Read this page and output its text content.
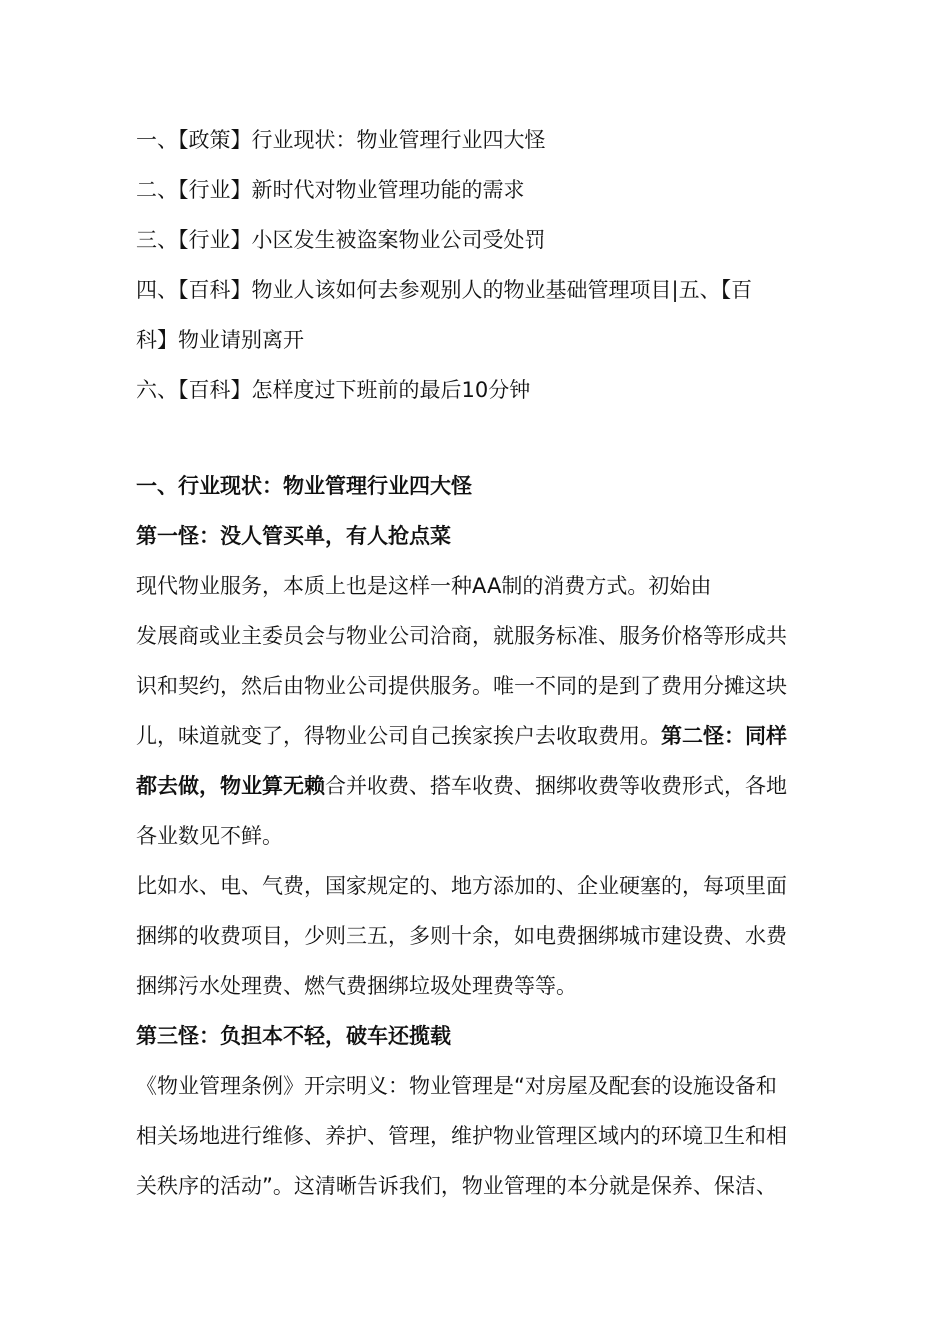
一、【政策】行业现状：物业管理行业四大怪
二、【行业】新时代对物业管理功能的需求
三、【行业】小区发生被盗案物业公司受处罚
四、【百科】物业人该如何去参观别人的物业基础管理项目|五、【百
科】物业请别离开
六、【百科】怎样度过下班前的最后10分钟
一、行业现状：物业管理行业四大怪
第一怪：没人管买单，有人抢点菜
现代物业服务，本质上也是这样一种AA制的消费方式。初始由
发展商或业主委员会与物业公司洽商，就服务标准、服务价格等形成共
识和契约，然后由物业公司提供服务。唯一不同的是到了费用分摊这块
儿，味道就变了，得物业公司自己挨家挨户去收取费用。第二怪：同样
都去做，物业算无赖合并收费、搭车收费、捆绑收费等收费形式，各地
各业数见不鲜。
比如水、电、气费，国家规定的、地方添加的、企业硬塞的，每项里面
捆绑的收费项目，少则三五，多则十余，如电费捆绑城市建设费、水费
捆绑污水处理费、燃气费捆绑垃圾处理费等等。
第三怪：负担本不轻，破车还揽载
《物业管理条例》开宗明义：物业管理是“对房屋及配套的设施设备和
相关场地进行维修、养护、管理，维护物业管理区域内的环境卫生和相
关秩序的活动”。这清晰告诉我们，物业管理的本分就是保养、保洁、
